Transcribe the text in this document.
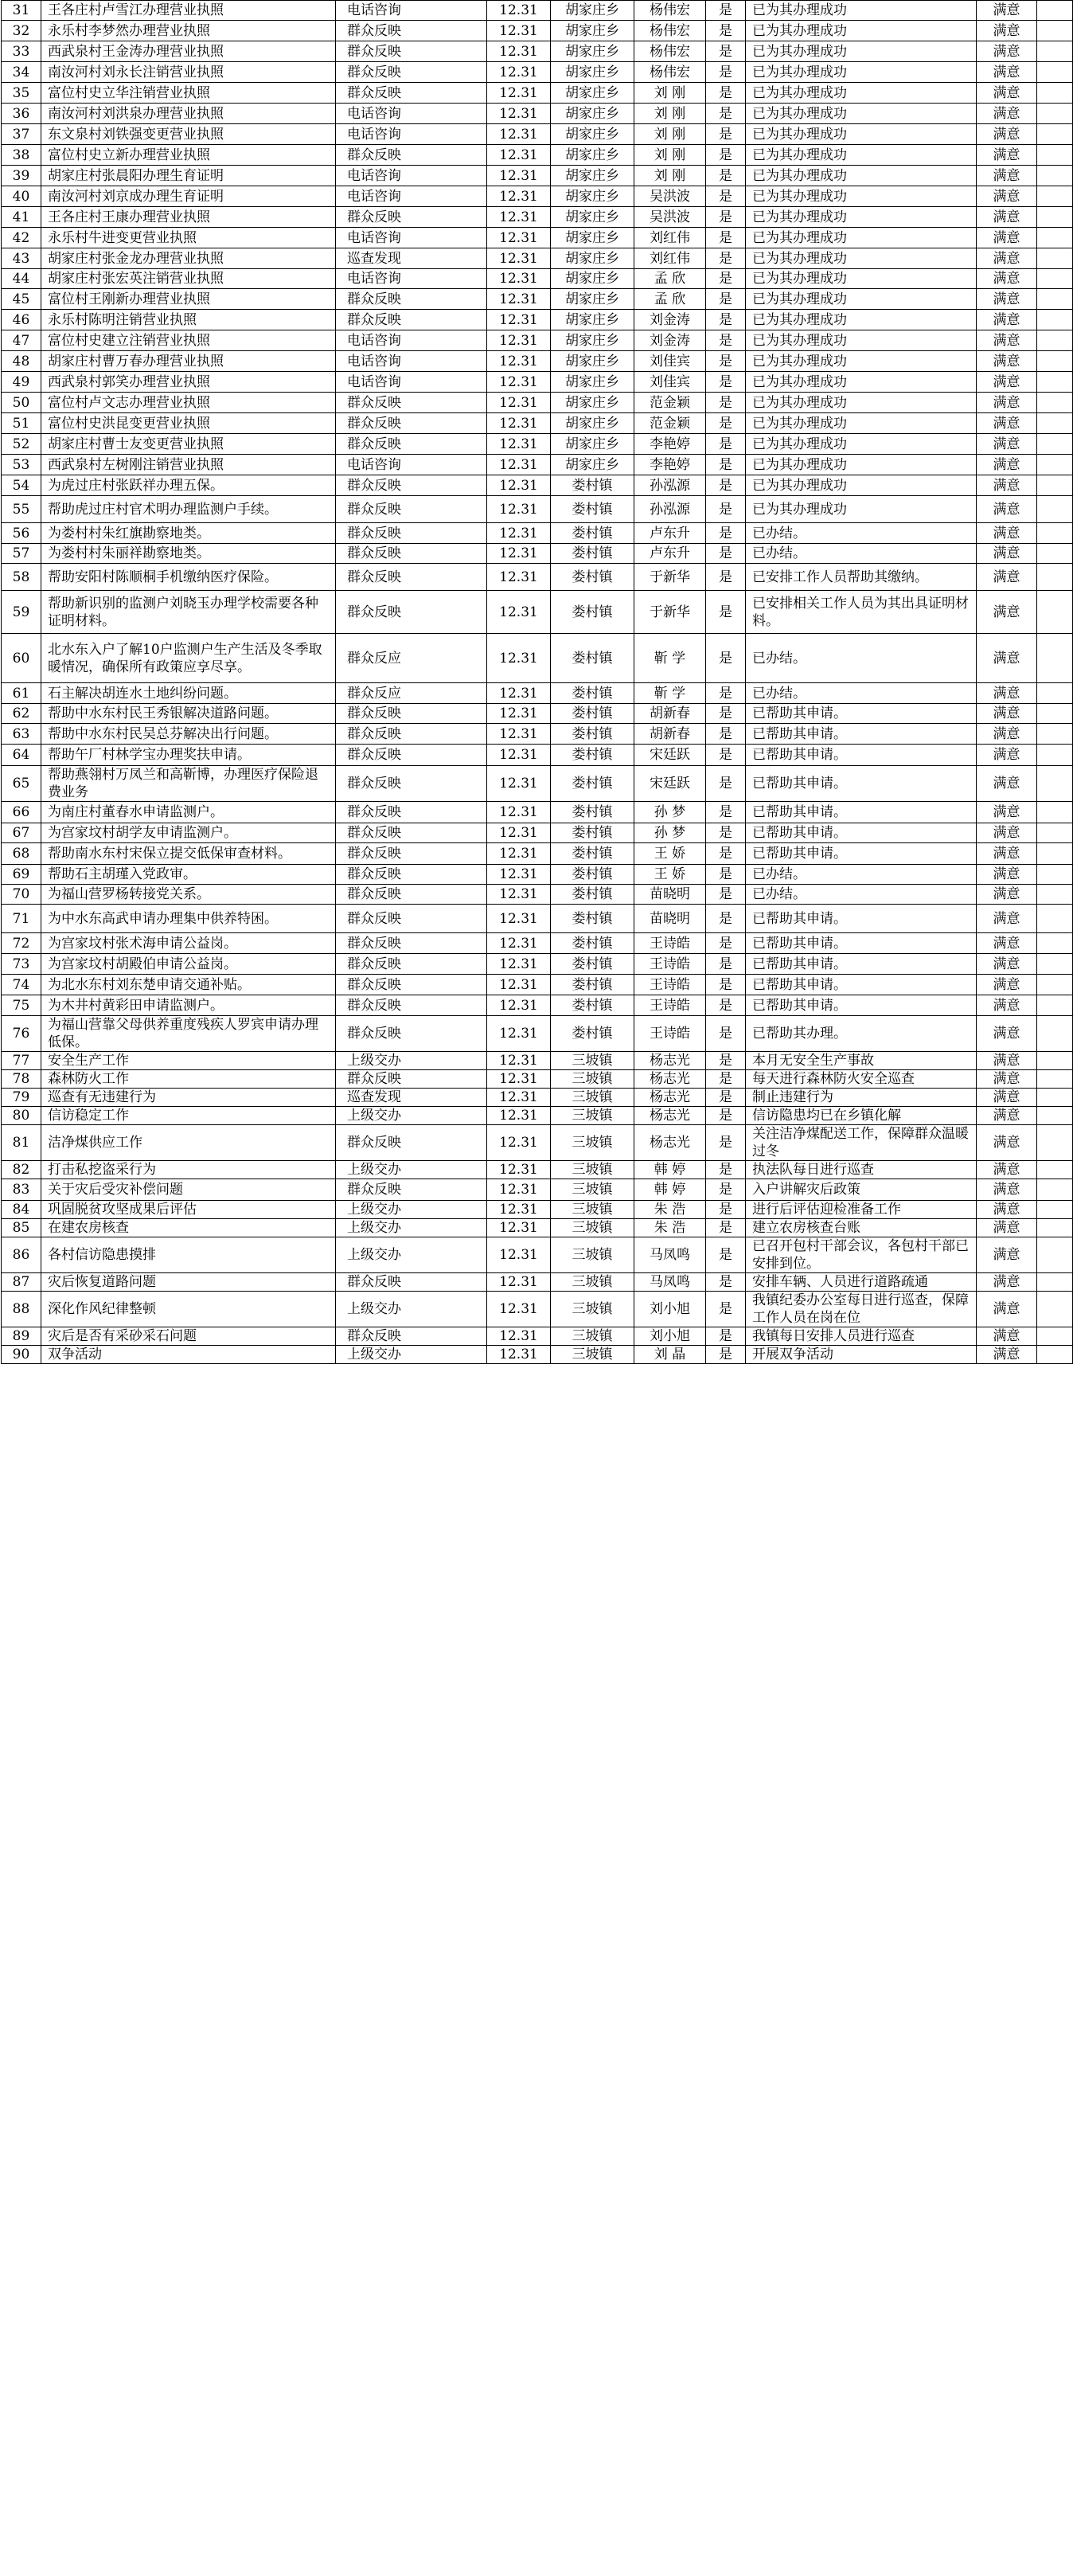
31	王各庄村卢雪江办理营业执照	电话咨询	12.31	胡家庄乡	杨伟宏	是	已为其办理成功	满意	
32	永乐村李梦然办理营业执照	群众反映	12.31	胡家庄乡	杨伟宏	是	已为其办理成功	满意	
33	西武泉村王金涛办理营业执照	群众反映	12.31	胡家庄乡	杨伟宏	是	已为其办理成功	满意	
34	南汝河村刘永长注销营业执照	群众反映	12.31	胡家庄乡	杨伟宏	是	已为其办理成功	满意	
35	富位村史立华注销营业执照	群众反映	12.31	胡家庄乡	刘 刚	是	已为其办理成功	满意	
36	南汝河村刘洪泉办理营业执照	电话咨询	12.31	胡家庄乡	刘 刚	是	已为其办理成功	满意	
37	东文泉村刘铁强变更营业执照	电话咨询	12.31	胡家庄乡	刘 刚	是	已为其办理成功	满意	
38	富位村史立新办理营业执照	群众反映	12.31	胡家庄乡	刘 刚	是	已为其办理成功	满意	
39	胡家庄村张晨阳办理生育证明	电话咨询	12.31	胡家庄乡	刘 刚	是	已为其办理成功	满意	
40	南汝河村刘京成办理生育证明	电话咨询	12.31	胡家庄乡	吴洪波	是	已为其办理成功	满意	
41	王各庄村王康办理营业执照	群众反映	12.31	胡家庄乡	吴洪波	是	已为其办理成功	满意	
42	永乐村牛进变更营业执照	电话咨询	12.31	胡家庄乡	刘红伟	是	已为其办理成功	满意	
43	胡家庄村张金龙办理营业执照	巡查发现	12.31	胡家庄乡	刘红伟	是	已为其办理成功	满意	
44	胡家庄村张宏英注销营业执照	电话咨询	12.31	胡家庄乡	孟 欣	是	已为其办理成功	满意	
45	富位村王刚新办理营业执照	群众反映	12.31	胡家庄乡	孟 欣	是	已为其办理成功	满意	
46	永乐村陈明注销营业执照	群众反映	12.31	胡家庄乡	刘金涛	是	已为其办理成功	满意	
47	富位村史建立注销营业执照	电话咨询	12.31	胡家庄乡	刘金涛	是	已为其办理成功	满意	
48	胡家庄村曹万春办理营业执照	电话咨询	12.31	胡家庄乡	刘佳宾	是	已为其办理成功	满意	
49	西武泉村郭笑办理营业执照	电话咨询	12.31	胡家庄乡	刘佳宾	是	已为其办理成功	满意	
50	富位村卢文志办理营业执照	群众反映	12.31	胡家庄乡	范金颖	是	已为其办理成功	满意	
51	富位村史洪昆变更营业执照	群众反映	12.31	胡家庄乡	范金颖	是	已为其办理成功	满意	
52	胡家庄村曹士友变更营业执照	群众反映	12.31	胡家庄乡	李艳婷	是	已为其办理成功	满意	
53	西武泉村左树刚注销营业执照	电话咨询	12.31	胡家庄乡	李艳婷	是	已为其办理成功	满意	
54	为虎过庄村张跃祥办理五保。	群众反映	12.31	娄村镇	孙泓源	是	已为其办理成功	满意	
55	帮助虎过庄村官术明办理监测户手续。	群众反映	12.31	娄村镇	孙泓源	是	已为其办理成功	满意	
56	为娄村村朱红旗勘察地类。	群众反映	12.31	娄村镇	卢东升	是	已办结。	满意	
57	为娄村村朱丽祥勘察地类。	群众反映	12.31	娄村镇	卢东升	是	已办结。	满意	
58	帮助安阳村陈顺桐手机缴纳医疗保险。	群众反映	12.31	娄村镇	于新华	是	已安排工作人员帮助其缴纳。	满意	
59	帮助新识别的监测户刘晓玉办理学校需要各种证明材料。	群众反映	12.31	娄村镇	于新华	是	已安排相关工作人员为其出具证明材料。	满意	
60	北水东入户了解10户监测户生产生活及冬季取暖情况，确保所有政策应享尽享。	群众反应	12.31	娄村镇	靳 学	是	已办结。	满意	
61	石主解决胡连水土地纠纷问题。	群众反应	12.31	娄村镇	靳 学	是	已办结。	满意	
62	帮助中水东村民王秀银解决道路问题。	群众反映	12.31	娄村镇	胡新春	是	已帮助其申请。	满意	
63	帮助中水东村民吴总芬解决出行问题。	群众反映	12.31	娄村镇	胡新春	是	已帮助其申请。	满意	
64	帮助午厂村林学宝办理奖扶申请。	群众反映	12.31	娄村镇	宋廷跃	是	已帮助其申请。	满意	
65	帮助燕翎村万凤兰和高靳博，办理医疗保险退费业务	群众反映	12.31	娄村镇	宋廷跃	是	已帮助其申请。	满意	
66	为南庄村董春水申请监测户。	群众反映	12.31	娄村镇	孙 梦	是	已帮助其申请。	满意	
67	为宫家坟村胡学友申请监测户。	群众反映	12.31	娄村镇	孙 梦	是	已帮助其申请。	满意	
68	帮助南水东村宋保立提交低保审查材料。	群众反映	12.31	娄村镇	王 娇	是	已帮助其申请。	满意	
69	帮助石主胡瑾入党政审。	群众反映	12.31	娄村镇	王 娇	是	已办结。	满意	
70	为福山营罗杨转接党关系。	群众反映	12.31	娄村镇	苗晓明	是	已办结。	满意	
71	为中水东高武申请办理集中供养特困。	群众反映	12.31	娄村镇	苗晓明	是	已帮助其申请。	满意	
72	为宫家坟村张术海申请公益岗。	群众反映	12.31	娄村镇	王诗皓	是	已帮助其申请。	满意	
73	为宫家坟村胡殿伯申请公益岗。	群众反映	12.31	娄村镇	王诗皓	是	已帮助其申请。	满意	
74	为北水东村刘东楚申请交通补贴。	群众反映	12.31	娄村镇	王诗皓	是	已帮助其申请。	满意	
75	为木井村黄彩田申请监测户。	群众反映	12.31	娄村镇	王诗皓	是	已帮助其申请。	满意	
76	为福山营靠父母供养重度残疾人罗宾申请办理低保。	群众反映	12.31	娄村镇	王诗皓	是	已帮助其办理。	满意	
77	安全生产工作	上级交办	12.31	三坡镇	杨志光	是	本月无安全生产事故	满意	
78	森林防火工作	群众反映	12.31	三坡镇	杨志光	是	每天进行森林防火安全巡查	满意	
79	巡查有无违建行为	巡查发现	12.31	三坡镇	杨志光	是	制止违建行为	满意	
80	信访稳定工作	上级交办	12.31	三坡镇	杨志光	是	信访隐患均已在乡镇化解	满意	
81	洁净煤供应工作	群众反映	12.31	三坡镇	杨志光	是	关注洁净煤配送工作，保障群众温暖过冬	满意	
82	打击私挖盗采行为	上级交办	12.31	三坡镇	韩 婷	是	执法队每日进行巡查	满意	
83	关于灾后受灾补偿问题	群众反映	12.31	三坡镇	韩 婷	是	入户讲解灾后政策	满意	
84	巩固脱贫攻坚成果后评估	上级交办	12.31	三坡镇	朱 浩	是	进行后评估迎检准备工作	满意	
85	在建农房核查	上级交办	12.31	三坡镇	朱 浩	是	建立农房核查台账	满意	
86	各村信访隐患摸排	上级交办	12.31	三坡镇	马凤鸣	是	已召开包村干部会议，各包村干部已安排到位。	满意	
87	灾后恢复道路问题	群众反映	12.31	三坡镇	马凤鸣	是	安排车辆、人员进行道路疏通	满意	
88	深化作风纪律整顿	上级交办	12.31	三坡镇	刘小旭	是	我镇纪委办公室每日进行巡查，保障工作人员在岗在位	满意	
89	灾后是否有采砂采石问题	群众反映	12.31	三坡镇	刘小旭	是	我镇每日安排人员进行巡查	满意	
90	双争活动	上级交办	12.31	三坡镇	刘 晶	是	开展双争活动	满意	
